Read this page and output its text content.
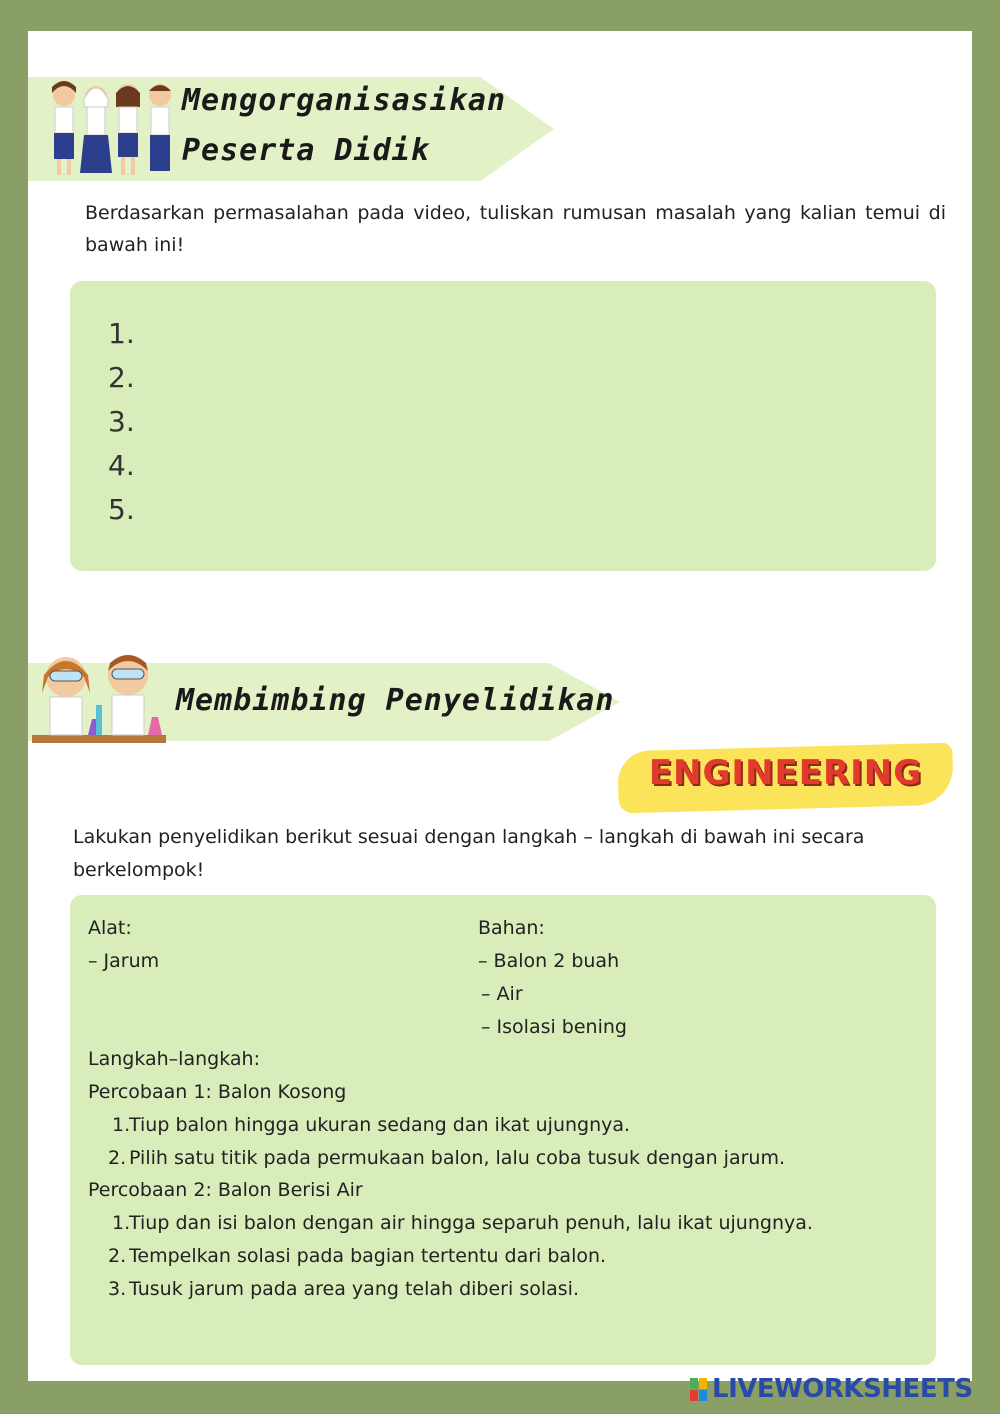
Mengorganisasikan
Peserta Didik
Berdasarkan permasalahan pada video, tuliskan rumusan masalah yang kalian temui di bawah ini!
1.
2.
3.
4.
5.
Membimbing Penyelidikan
ENGINEERING
Lakukan penyelidikan berikut sesuai dengan langkah – langkah di bawah ini secara berkelompok!
Alat:
– Jarum
Bahan:
– Balon 2 buah
– Air
– Isolasi bening
Langkah–langkah:
Percobaan 1: Balon Kosong
1.
Tiup balon hingga ukuran sedang dan ikat ujungnya.
2. Pilih satu titik pada permukaan balon, lalu coba tusuk dengan jarum.
Percobaan 2: Balon Berisi Air
1.
Tiup dan isi balon dengan air hingga separuh penuh, lalu ikat ujungnya.
2. Tempelkan solasi pada bagian tertentu dari balon.
3. Tusuk jarum pada area yang telah diberi solasi.
LIVEWORKSHEETS
